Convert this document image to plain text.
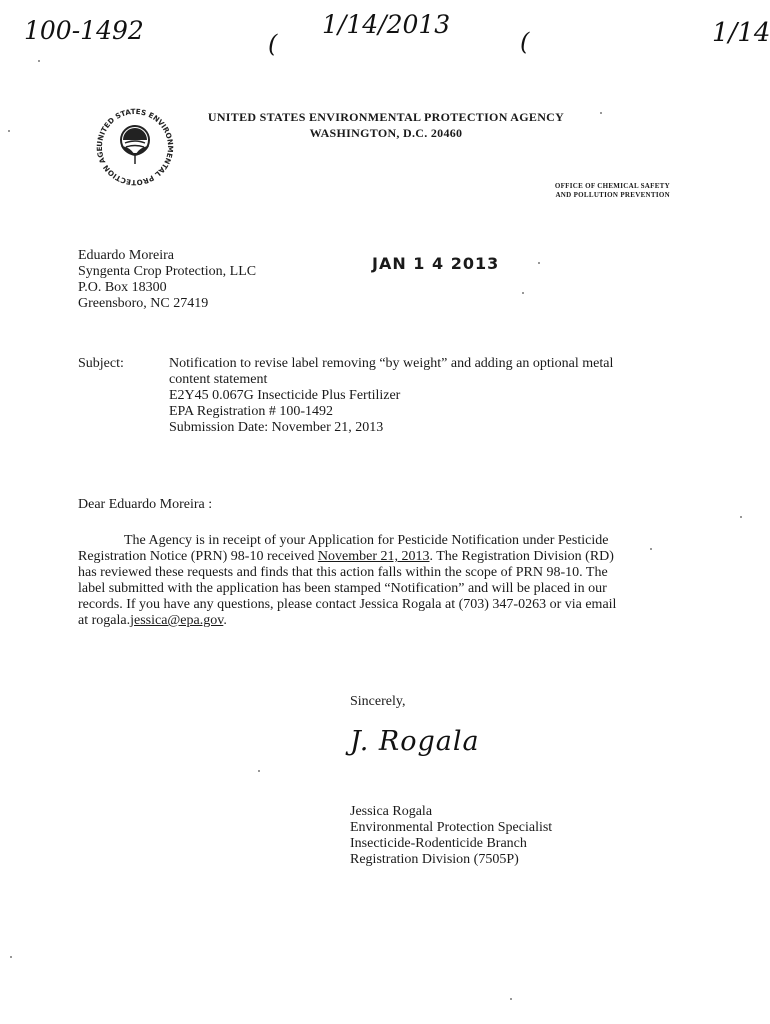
100-1492	(
1/14/2013
(	1/14
UNITED STATES ENVIRONMENTAL PROTECTION AGE
UNITED STATES ENVIRONMENTAL PROTECTION AGENCY
WASHINGTON, D.C. 20460
OFFICE OF CHEMICAL SAFETY
AND POLLUTION PREVENTION
Eduardo Moreira
Syngenta Crop Protection, LLC
P.O. Box 18300
Greensboro, NC 27419
JAN 1 4 2013
Subject:	Notification to revise label removing “by weight” and adding an optional metal
content statement
E2Y45 0.067G Insecticide Plus Fertilizer
EPA Registration # 100-1492
Submission Date: November 21, 2013
Dear Eduardo Moreira :
The Agency is in receipt of your Application for Pesticide Notification under Pesticide
Registration Notice (PRN) 98-10 received November 21, 2013. The Registration Division (RD)
has reviewed these requests and finds that this action falls within the scope of PRN 98-10. The
label submitted with the application has been stamped “Notification” and will be placed in our
records. If you have any questions, please contact Jessica Rogala at (703) 347-0263 or via email
at rogala.jessica@epa.gov.
Sincerely,
J. Rogala
Jessica Rogala
Environmental Protection Specialist
Insecticide-Rodenticide Branch
Registration Division (7505P)
